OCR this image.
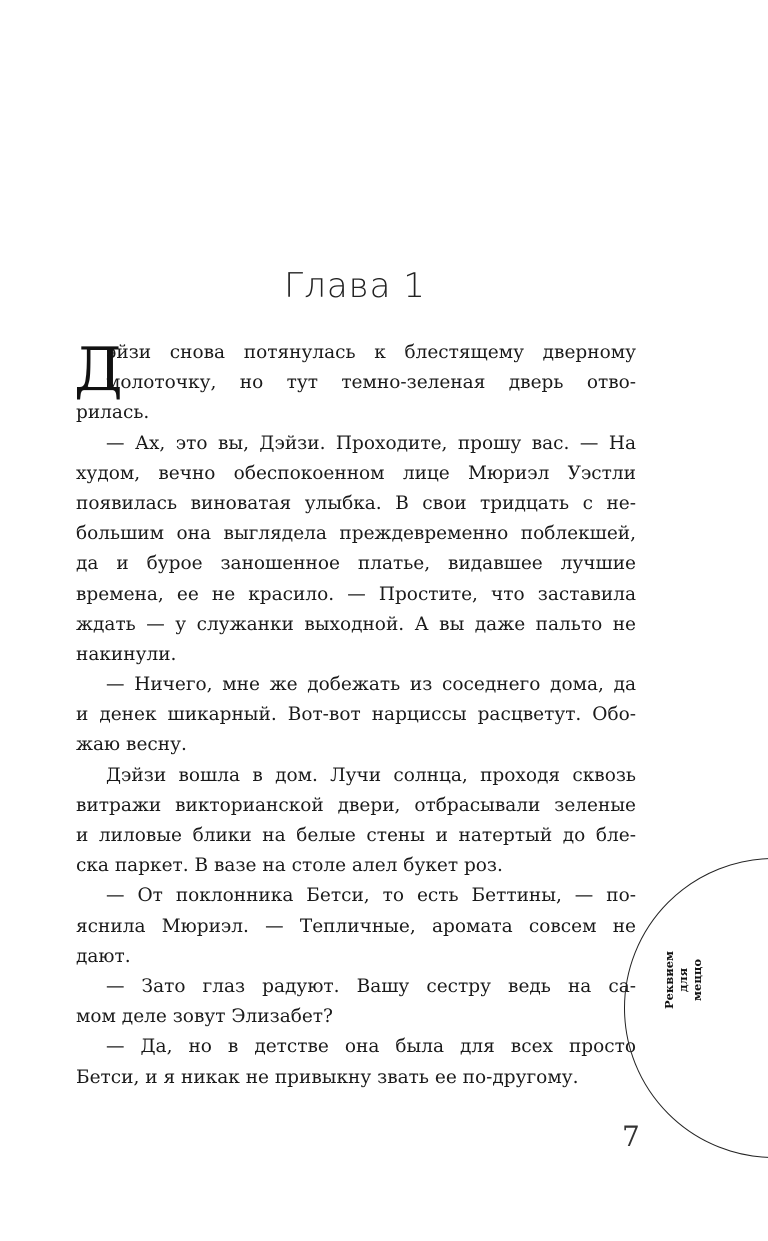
Глава 1
Д
эйзи снова потянулась к блестящему дверному
молоточку, но тут темно-зеленая дверь отво-
рилась.
— Ах, это вы, Дэйзи. Проходите, прошу вас. — На
худом, вечно обеспокоенном лице Мюриэл Уэстли
появилась виноватая улыбка. В свои тридцать с не-
большим она выглядела преждевременно поблекшей,
да и бурое заношенное платье, видавшее лучшие
времена, ее не красило. — Простите, что заставила
ждать — у служанки выходной. А вы даже пальто не
накинули.
— Ничего, мне же добежать из соседнего дома, да
и денек шикарный. Вот-вот нарциссы расцветут. Обо-
жаю весну.
Дэйзи вошла в дом. Лучи солнца, проходя сквозь
витражи викторианской двери, отбрасывали зеленые
и лиловые блики на белые стены и натертый до бле-
ска паркет. В вазе на столе алел букет роз.
— От поклонника Бетси, то есть Беттины, — по-
яснила Мюриэл. — Тепличные, аромата совсем не
дают.
— Зато глаз радуют. Вашу сестру ведь на са-
мом деле зовут Элизабет?
— Да, но в детстве она была для всех просто
Бетси, и я никак не привыкну звать ее по-другому.
Реквием для меццо
7
